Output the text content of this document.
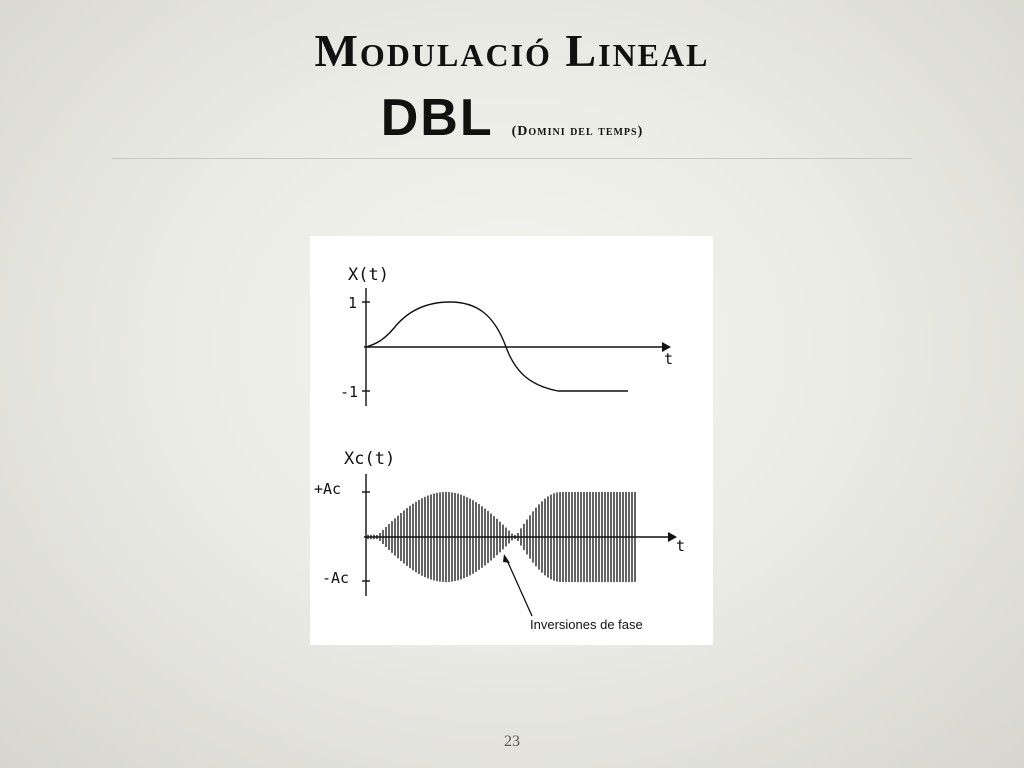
Modulació Lineal
DBL (Domini del temps)
X(t)
1
-1
t
Xc(t)
+Ac
-Ac
t
Inversiones de fase
23
